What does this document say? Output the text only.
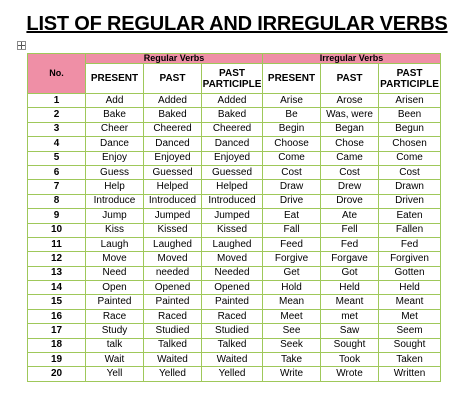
LIST OF REGULAR AND IRREGULAR VERBS
No.	Regular Verbs			Irregular Verbs		
	PRESENT	PAST	PAST PARTICIPLE	PRESENT	PAST	PAST PARTICIPLE
1	Add	Added	Added	Arise	Arose	Arisen
2	Bake	Baked	Baked	Be	Was, were	Been
3	Cheer	Cheered	Cheered	Begin	Began	Begun
4	Dance	Danced	Danced	Choose	Chose	Chosen
5	Enjoy	Enjoyed	Enjoyed	Come	Came	Come
6	Guess	Guessed	Guessed	Cost	Cost	Cost
7	Help	Helped	Helped	Draw	Drew	Drawn
8	Introduce	Introduced	Introduced	Drive	Drove	Driven
9	Jump	Jumped	Jumped	Eat	Ate	Eaten
10	Kiss	Kissed	Kissed	Fall	Fell	Fallen
11	Laugh	Laughed	Laughed	Feed	Fed	Fed
12	Move	Moved	Moved	Forgive	Forgave	Forgiven
13	Need	needed	Needed	Get	Got	Gotten
14	Open	Opened	Opened	Hold	Held	Held
15	Painted	Painted	Painted	Mean	Meant	Meant
16	Race	Raced	Raced	Meet	met	Met
17	Study	Studied	Studied	See	Saw	Seem
18	talk	Talked	Talked	Seek	Sought	Sought
19	Wait	Waited	Waited	Take	Took	Taken
20	Yell	Yelled	Yelled	Write	Wrote	Written
